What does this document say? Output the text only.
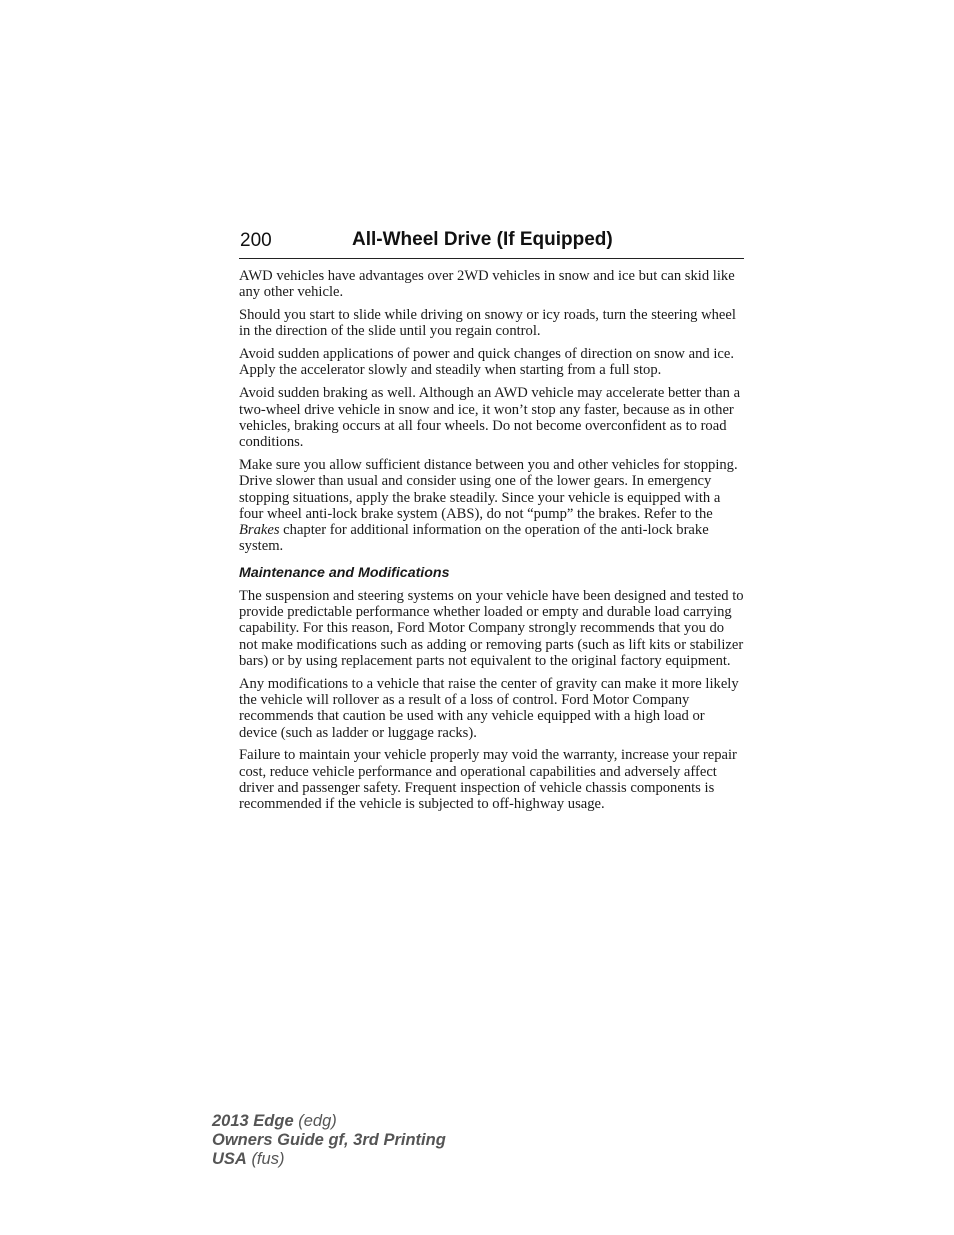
200	All-Wheel Drive (If Equipped)

AWD vehicles have advantages over 2WD vehicles in snow and ice but can skid like any other vehicle.

Should you start to slide while driving on snowy or icy roads, turn the steering wheel in the direction of the slide until you regain control.

Avoid sudden applications of power and quick changes of direction on snow and ice. Apply the accelerator slowly and steadily when starting from a full stop.

Avoid sudden braking as well. Although an AWD vehicle may accelerate better than a two-wheel drive vehicle in snow and ice, it won’t stop any faster, because as in other vehicles, braking occurs at all four wheels. Do not become overconfident as to road conditions.

Make sure you allow sufficient distance between you and other vehicles for stopping. Drive slower than usual and consider using one of the lower gears. In emergency stopping situations, apply the brake steadily. Since your vehicle is equipped with a four wheel anti-lock brake system (ABS), do not “pump” the brakes. Refer to the Brakes chapter for additional information on the operation of the anti-lock brake system.

Maintenance and Modifications

The suspension and steering systems on your vehicle have been designed and tested to provide predictable performance whether loaded or empty and durable load carrying capability. For this reason, Ford Motor Company strongly recommends that you do not make modifications such as adding or removing parts (such as lift kits or stabilizer bars) or by using replacement parts not equivalent to the original factory equipment.

Any modifications to a vehicle that raise the center of gravity can make it more likely the vehicle will rollover as a result of a loss of control. Ford Motor Company recommends that caution be used with any vehicle equipped with a high load or device (such as ladder or luggage racks).

Failure to maintain your vehicle properly may void the warranty, increase your repair cost, reduce vehicle performance and operational capabilities and adversely affect driver and passenger safety. Frequent inspection of vehicle chassis components is recommended if the vehicle is subjected to off-highway usage.

2013 Edge (edg)
Owners Guide gf, 3rd Printing
USA (fus)
